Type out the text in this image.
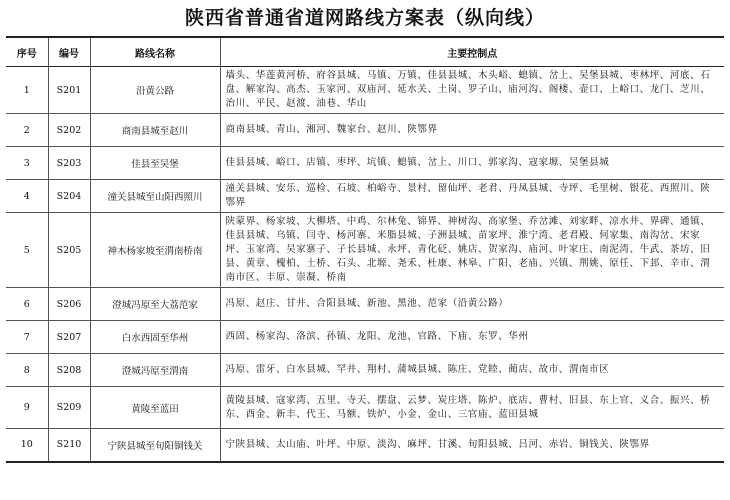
陕西省普通省道网路线方案表（纵向线）
序号	编号	路线名称	主要控制点
1	S201	沿黄公路	墙头、华莲黄河桥、府谷县城、马镇、万镇、佳县县城、木头峪、螅镇、岔上、吴堡县城、枣林坪、河底、石盘、解家沟、高杰、玉家河、双庙河、延水关、土岗、罗子山、庙河沟、阁楼、壶口、上峪口、龙门、芝川、治川、平民、赵渡、油巷、华山
2	S202	商南县城至赵川	商南县城、青山、湘河、魏家台、赵川、陕鄂界
3	S203	佳县至吴堡	佳县县城、峪口、店镇、枣坪、坑镇、螅镇、岔上、川口、郭家沟、寇家塬、吴堡县城
4	S204	潼关县城至山阳西照川	潼关县城、安乐、巡检、石坡、柏峪寺、景村、留仙坪、老君、丹凤县城、寺坪、毛里树、银花、西照川、陕鄂界
5	S205	神木杨家坡至渭南桥南	陕蒙界、杨家坡、大柳塔、中鸡、尔林兔、锦界、神树沟、高家堡、乔岔滩、刘家畔、凉水井、界碑、通镇、佳县县城、乌镇、闫寺、杨河寨、米脂县城、子洲县城、苗家坪、淮宁湾、老君殿、何家集、南沟岔、宋家坪、玉家湾、吴家寨子、子长县城、永坪、青化砭、姚店、贺家沟、庙河、叶家庄、南泥湾、牛武、茶坊、旧县、黄章、槐柏、土桥、石头、北塬、尧禾、杜康、林皋、广阳、老庙、兴镇、荆姚、原任、下邽、辛市、渭南市区、丰原、崇凝、桥南
6	S206	澄城冯原至大荔范家	冯原、赵庄、甘井、合阳县城、新池、黑池、范家（沿黄公路）
7	S207	白水西固至华州	西固、杨家沟、洛滨、孙镇、龙阳、龙池、官路、下庙、东罗、华州
8	S208	澄城冯原至渭南	冯原、雷牙、白水县城、罕井、翔村、蒲城县城、陈庄、党睦、蔺店、故市、渭南市区
9	S209	黄陵至蓝田	黄陵县城、寇家湾、五里、寺天、摆盘、云梦、炭庄塔、陈炉、底店、曹村、旧县、东上官、义合、振兴、桥东、酉金、新丰、代王、马额、铁炉、小金、金山、三官庙、蓝田县城
10	S210	宁陕县城至旬阳铜钱关	宁陕县城、太山庙、叶坪、中原、淡沟、麻坪、甘溪、旬阳县城、吕河、赤岩、铜钱关、陕鄂界
